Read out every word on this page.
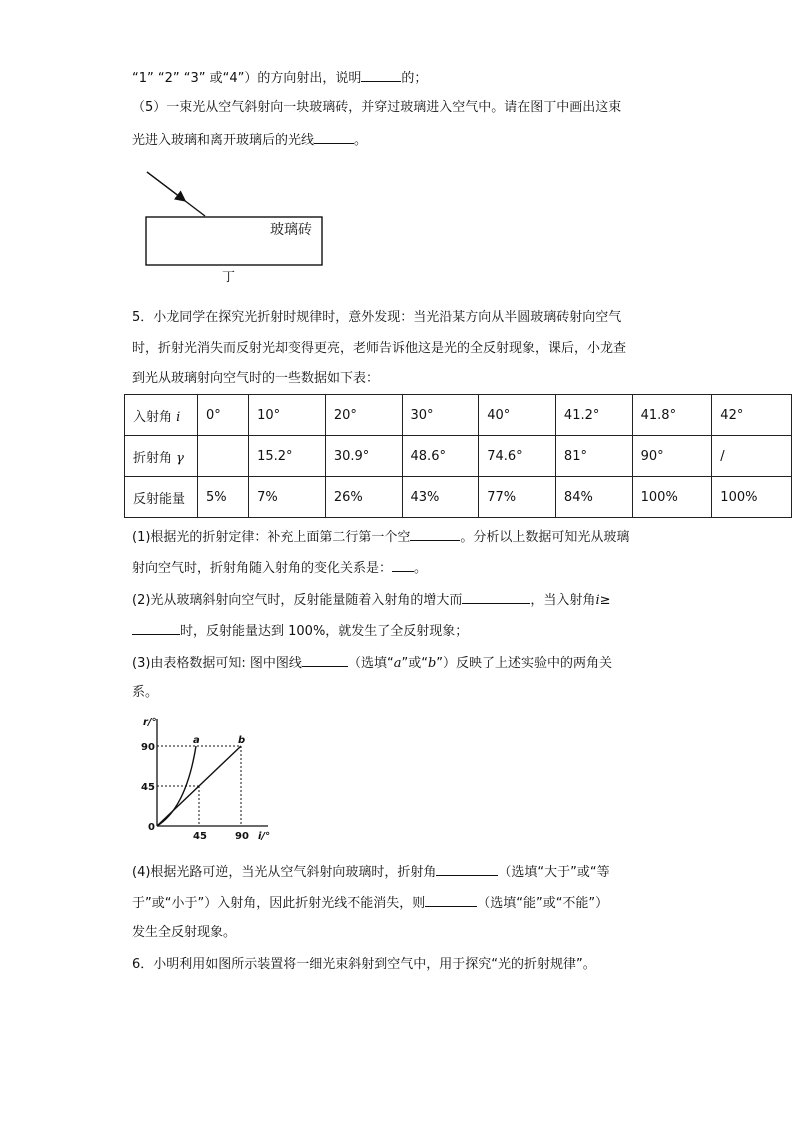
“1” “2” “3” 或“4”）的方向射出，说明	的；
（5）一束光从空气斜射向一块玻璃砖，并穿过玻璃进入空气中。请在图丁中画出这束
光进入玻璃和离开玻璃后的光线	。
玻璃砖
丁
5．小龙同学在探究光折射时规律时，意外发现：当光沿某方向从半圆玻璃砖射向空气
时，折射光消失而反射光却变得更亮，老师告诉他这是光的全反射现象，课后，小龙查
到光从玻璃射向空气时的一些数据如下表：
入射角 i	0°	10°	20°	30°	40°	41.2°	41.8°	42°
折射角 γ		15.2°	30.9°	48.6°	74.6°	81°	90°	/
反射能量	5%	7%	26%	43%	77%	84%	100%	100%
(1)根据光的折射定律：补充上面第二行第一个空	。分析以上数据可知光从玻璃
射向空气时，折射角随入射角的变化关系是： 。
(2)光从玻璃斜射向空气时，反射能量随着入射角的增大而	，当入射角i≥
时，反射能量达到 100%，就发生了全反射现象；
(3)由表格数据可知: 图中图线	（选填“a”或“b”）反映了上述实验中的两角关
系。
r/°
i/°
0
90
45
45	90
a	b
(4)根据光路可逆，当光从空气斜射向玻璃时，折射角	（选填“大于”或“等
于”或“小于”）入射角，因此折射光线不能消失，则	（选填“能”或“不能”）
发生全反射现象。
6．小明利用如图所示装置将一细光束斜射到空气中，用于探究“光的折射规律”。
